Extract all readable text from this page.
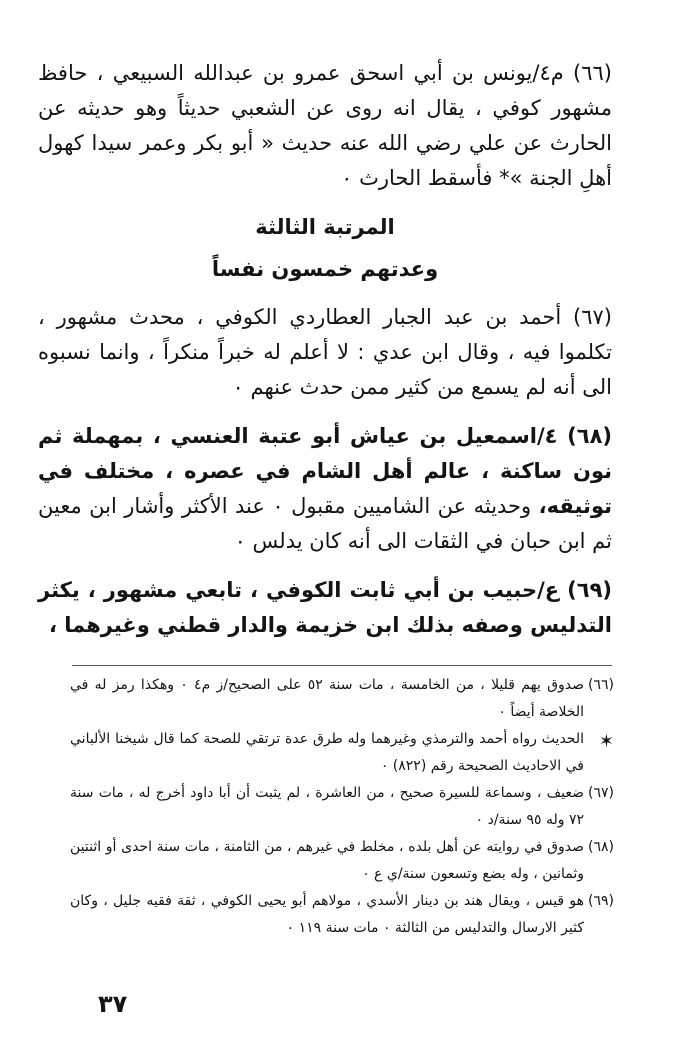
(٦٦) م٤/يونس بن أبي اسحق عمرو بن عبدالله السبيعي ، حافظ مشهور كوفي ، يقال انه روى عن الشعبي حديثاً وهو حديثه عن الحارث عن علي رضي الله عنه حديث « أبو بكر وعمر سيدا كهول أهلِ الجنة »* فأسقط الحارث ٠

المرتبة الثالثة
وعدتهم خمسون نفساً

(٦٧) أحمد بن عبد الجبار العطاردي الكوفي ، محدث مشهور ، تكلموا فيه ، وقال ابن عدي : لا أعلم له خبراً منكراً ، وانما نسبوه الى أنه لم يسمع من كثير ممن حدث عنهم ٠

(٦٨) ٤/اسمعيل بن عياش أبو عتبة العنسي ، بمهملة ثم نون ساكنة ، عالم أهل الشام في عصره ، مختلف في توثيقه، وحديثه عن الشاميين مقبول ٠ عند الأكثر وأشار ابن معين ثم ابن حبان في الثقات الى أنه كان يدلس ٠

(٦٩) ع/حبيب بن أبي ثابت الكوفي ، تابعي مشهور ، يكثر التدليس وصفه بذلك ابن خزيمة والدار قطني وغيرهما ،

(٦٦)
صدوق يهم قليلا ، من الخامسة ، مات سنة ٥٢ على الصحيح/ز م٤ ٠ وهكذا رمز له في الخلاصة أيضاً ٠

✶
الحديث رواه أحمد والترمذي وغيرهما وله طرق عدة ترتقي للصحة كما قال شيخنا الألباني في الاحاديث الصحيحة رقم (٨٢٢) ٠

(٦٧)
ضعيف ، وسماعة للسيرة صحيح ، من العاشرة ، لم يثبت أن أبا داود أخرج له ، مات سنة ٧٢ وله ٩٥ سنة/د ٠

(٦٨)
صدوق في روايته عن أهل بلده ، مخلط في غيرهم ، من الثامنة ، مات سنة احدى أو اثنتين وثمانين ، وله بضع وتسعون سنة/ي ع ٠

(٦٩)
هو قيس ، ويقال هند بن دينار الأسدي ، مولاهم أبو يحيى الكوفي ، ثقة فقيه جليل ، وكان كثير الارسال والتدليس من الثالثة ٠ مات سنة ١١٩ ٠

٣٧
